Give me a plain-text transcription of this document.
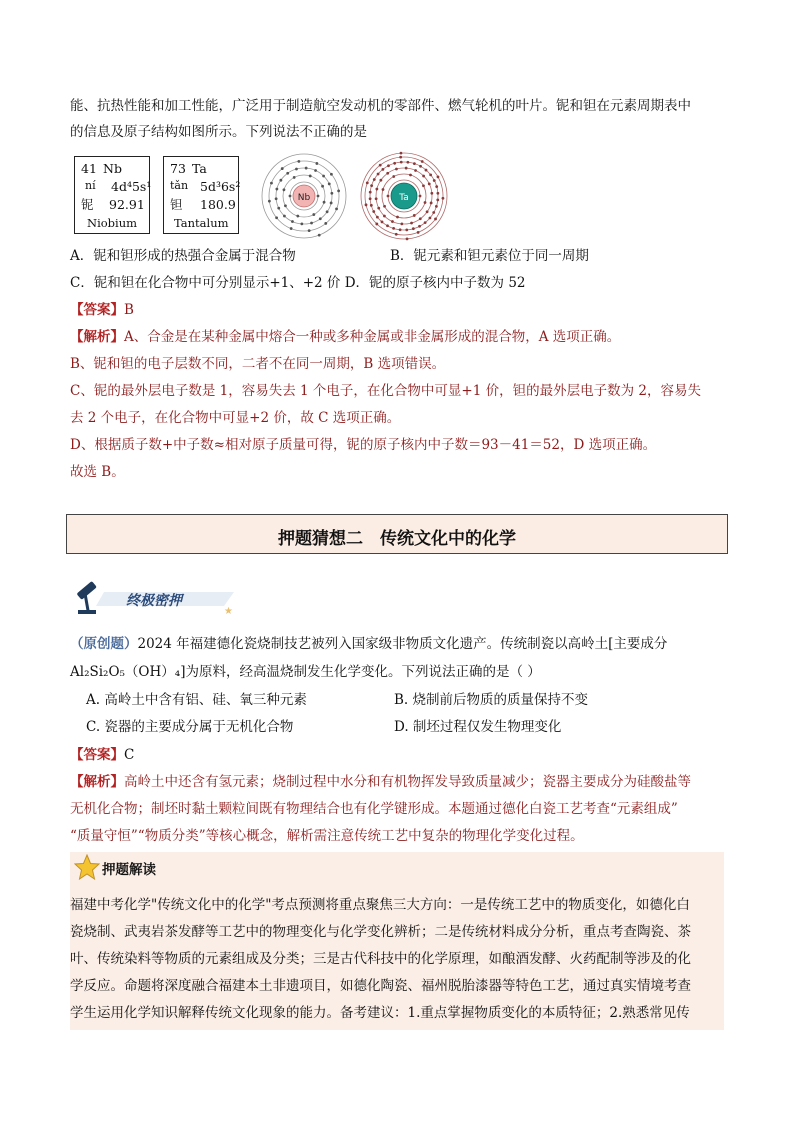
能、抗热性能和加工性能，广泛用于制造航空发动机的零部件、燃气轮机的叶片。铌和钽在元素周期表中
的信息及原子结构如图所示。下列说法不正确的是
41 Nb
ní 4d⁴5s¹
铌 92.91
Niobium
73 Ta
tǎn 5d³6s²
钽 180.9
Tantalum
Nb	Ta
A．铌和钽形成的热强合金属于混合物	B．铌元素和钽元素位于同一周期
C．铌和钽在化合物中可分别显示+1、+2 价 D．铌的原子核内中子数为 52
【答案】B
【解析】A、合金是在某种金属中熔合一种或多种金属或非金属形成的混合物，A 选项正确。
B、铌和钽的电子层数不同，二者不在同一周期，B 选项错误。
C、铌的最外层电子数是 1，容易失去 1 个电子，在化合物中可显+1 价，钽的最外层电子数为 2，容易失
去 2 个电子，在化合物中可显+2 价，故 C 选项正确。
D、根据质子数+中子数≈相对原子质量可得，铌的原子核内中子数＝93－41＝52，D 选项正确。
故选 B。
押题猜想二　传统文化中的化学
★
终极密押
（原创题）2024 年福建德化瓷烧制技艺被列入国家级非物质文化遗产。传统制瓷以高岭土[主要成分
Al₂Si₂O₅（OH）₄]为原料，经高温烧制发生化学变化。下列说法正确的是（ ）
A. 高岭土中含有铝、硅、氧三种元素	B. 烧制前后物质的质量保持不变
C. 瓷器的主要成分属于无机化合物	D. 制坯过程仅发生物理变化
【答案】C
【解析】高岭土中还含有氢元素；烧制过程中水分和有机物挥发导致质量减少；瓷器主要成分为硅酸盐等
无机化合物；制坯时黏土颗粒间既有物理结合也有化学键形成。本题通过德化白瓷工艺考查“元素组成”
“质量守恒”“物质分类”等核心概念，解析需注意传统工艺中复杂的物理化学变化过程。
押题解读
福建中考化学"传统文化中的化学"考点预测将重点聚焦三大方向：一是传统工艺中的物质变化，如德化白
瓷烧制、武夷岩茶发酵等工艺中的物理变化与化学变化辨析；二是传统材料成分分析，重点考查陶瓷、茶
叶、传统染料等物质的元素组成及分类；三是古代科技中的化学原理，如酿酒发酵、火药配制等涉及的化
学反应。命题将深度融合福建本土非遗项目，如德化陶瓷、福州脱胎漆器等特色工艺，通过真实情境考查
学生运用化学知识解释传统文化现象的能力。备考建议：1.重点掌握物质变化的本质特征；2.熟悉常见传
